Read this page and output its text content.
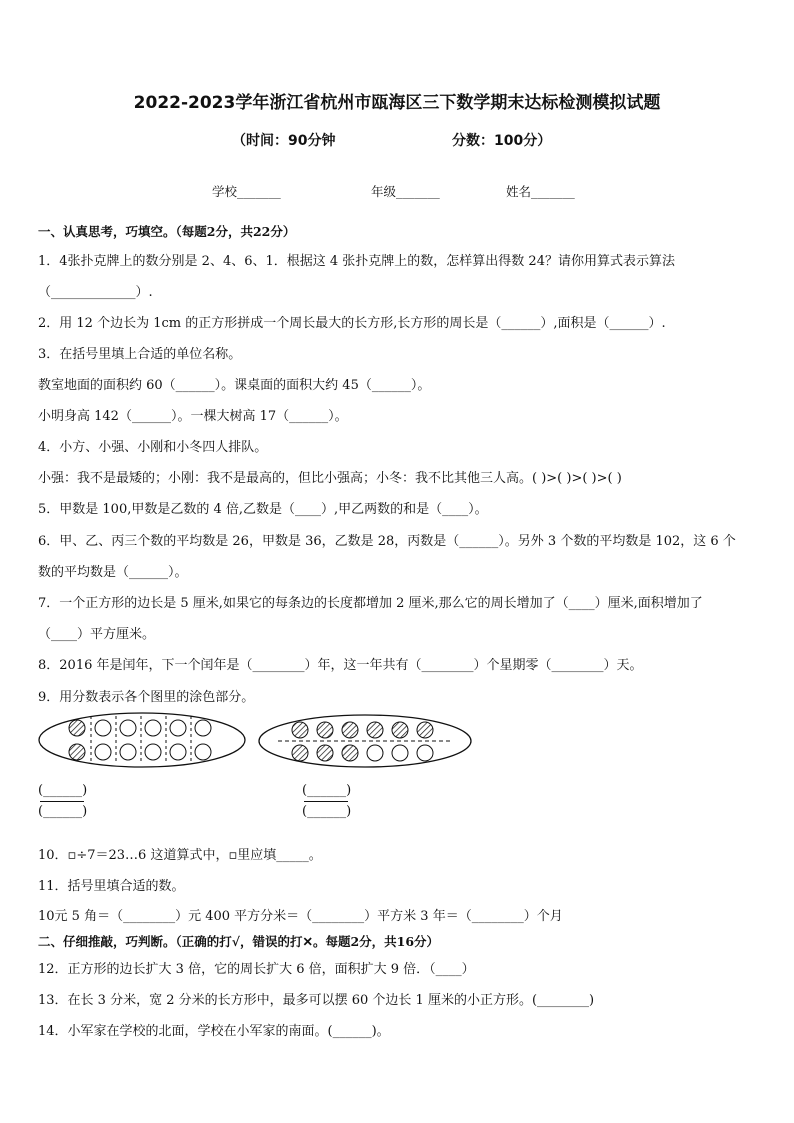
2022-2023学年浙江省杭州市瓯海区三下数学期末达标检测模拟试题
（时间：90分钟	分数：100分）
学校_______	年级_______	姓名_______
一、认真思考，巧填空。（每题2分，共22分）
1．4张扑克牌上的数分别是 2、4、6、1．根据这 4 张扑克牌上的数，怎样算出得数 24？请你用算式表示算法
（_____________）.
2．用 12 个边长为 1cm 的正方形拼成一个周长最大的长方形,长方形的周长是（______）,面积是（______）.
3．在括号里填上合适的单位名称。
教室地面的面积约 60（______）。课桌面的面积大约 45（______）。
小明身高 142（______）。一棵大树高 17（______）。
4．小方、小强、小刚和小冬四人排队。
小强：我不是最矮的；小刚：我不是最高的，但比小强高；小冬：我不比其他三人高。( )>( )>( )>( )
5．甲数是 100,甲数是乙数的 4 倍,乙数是（____）,甲乙两数的和是（____）。
6．甲、乙、丙三个数的平均数是 26，甲数是 36，乙数是 28，丙数是（______）。另外 3 个数的平均数是 102，这 6 个
数的平均数是（______）。
7．一个正方形的边长是 5 厘米,如果它的每条边的长度都增加 2 厘米,那么它的周长增加了（____）厘米,面积增加了
（____）平方厘米。
8．2016 年是闰年，下一个闰年是（________）年，这一年共有（________）个星期零（________）天。
9．用分数表示各个图里的涂色部分。
(______)
(______)
(______)
(______)
10．▫÷7＝23…6 这道算式中，▫里应填_____。
11．括号里填合适的数。
10元 5 角＝（________）元 400 平方分米＝（________）平方米 3 年＝（________）个月
二、仔细推敲，巧判断。（正确的打√，错误的打✕。每题2分，共16分）
12．正方形的边长扩大 3 倍，它的周长扩大 6 倍，面积扩大 9 倍．（____）
13．在长 3 分米，宽 2 分米的长方形中，最多可以摆 60 个边长 1 厘米的小正方形。(________)
14．小军家在学校的北面，学校在小军家的南面。(______)。
